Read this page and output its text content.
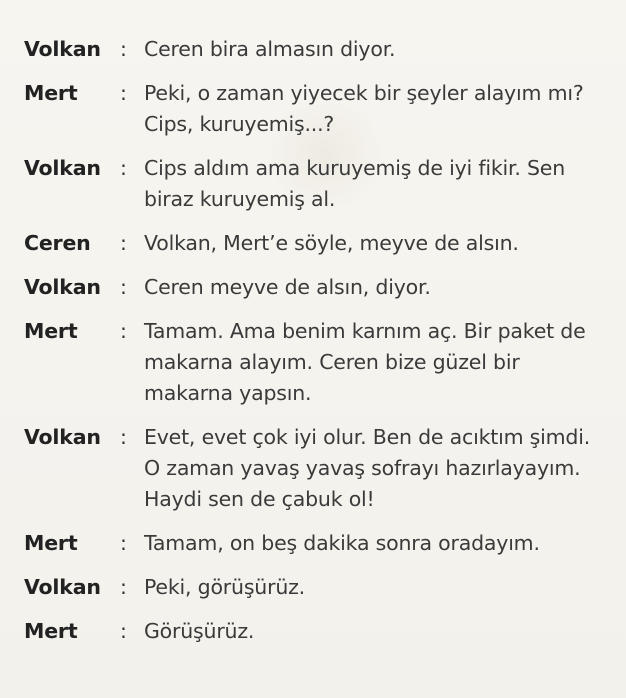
Volkan : Ceren bira almasın diyor.
Mert	: Peki, o zaman yiyecek bir şeyler alayım mı? Cips, kuruyemiş...?
Volkan : Cips aldım ama kuruyemiş de iyi fikir. Sen biraz kuruyemiş al.
Ceren	: Volkan, Mert’e söyle, meyve de alsın.
Volkan : Ceren meyve de alsın, diyor.
Mert	: Tamam. Ama benim karnım aç. Bir paket de makarna alayım. Ceren bize güzel bir makarna yapsın.
Volkan : Evet, evet çok iyi olur. Ben de acıktım şimdi. O zaman yavaş yavaş sofrayı hazırlayayım. Haydi sen de çabuk ol!
Mert	: Tamam, on beş dakika sonra oradayım.
Volkan : Peki, görüşürüz.
Mert	: Görüşürüz.
